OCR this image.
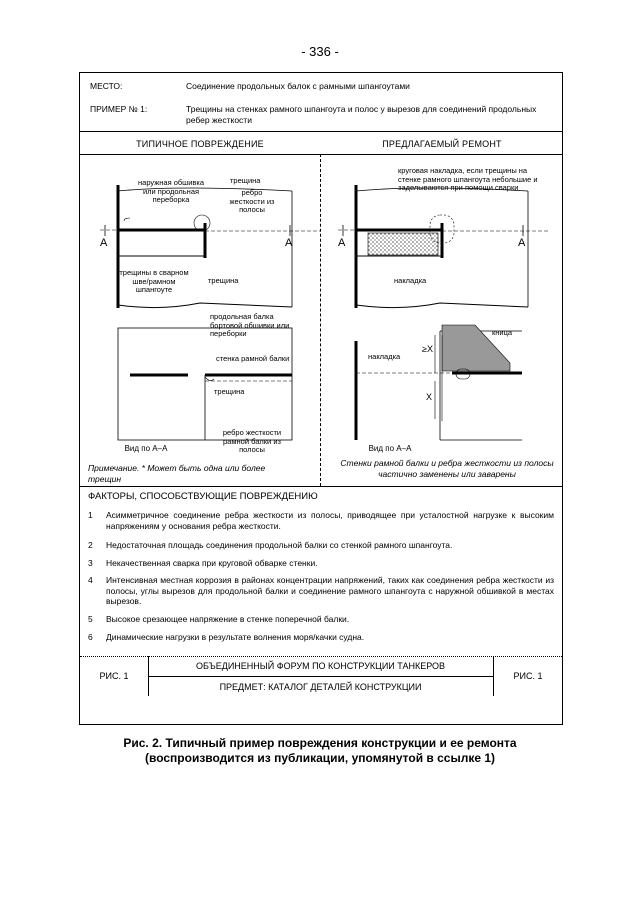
- 336 -
МЕСТО:	Соединение продольных балок с рамными шпангоутами
ПРИМЕР № 1:	Трещины на стенках рамного шпангоута и полос у вырезов для соединений продольных ребер жесткости
ТИПИЧНОЕ ПОВРЕЖДЕНИЕ	ПРЕДЛАГАЕМЫЙ РЕМОНТ
наружная обшивка или продольная переборка
трещина
ребро жесткости из полосы
A	A
трещины в сварном шве/рамном шпангоуте
трещина
продольная балка бортовой обшивки или переборки
стенка рамной балки
трещина
ребро жесткости рамной балки из полосы
Вид по А–А
Примечание. * Может быть одна или более трещин
круговая накладка, если трещины на стенке рамного шпангоута небольшие и заделываются при помощи сварки
накладка
A	A
кница
≥X
накладка
X
Вид по А–А
Стенки рамной балки и ребра жесткости из полосы частично заменены или заварены
ФАКТОРЫ, СПОСОБСТВУЮЩИЕ ПОВРЕЖДЕНИЮ
1	Асимметричное соединение ребра жесткости из полосы, приводящее при усталостной нагрузке к высоким напряжениям у основания ребра жесткости.
2	Недостаточная площадь соединения продольной балки со стенкой рамного шпангоута.
3	Некачественная сварка при круговой обварке стенки.
4	Интенсивная местная коррозия в районах концентрации напряжений, таких как соединения ребра жесткости из полосы, углы вырезов для продольной балки и соединение рамного шпангоута с наружной обшивкой в местах вырезов.
5	Высокое срезающее напряжение в стенке поперечной балки.
6	Динамические нагрузки в результате волнения моря/качки судна.
РИС. 1
ОБЪЕДИНЕННЫЙ ФОРУМ ПО КОНСТРУКЦИИ ТАНКЕРОВ
ПРЕДМЕТ: КАТАЛОГ ДЕТАЛЕЙ КОНСТРУКЦИИ
РИС. 1
Рис. 2. Типичный пример повреждения конструкции и ее ремонта
(воспроизводится из публикации, упомянутой в ссылке 1)
